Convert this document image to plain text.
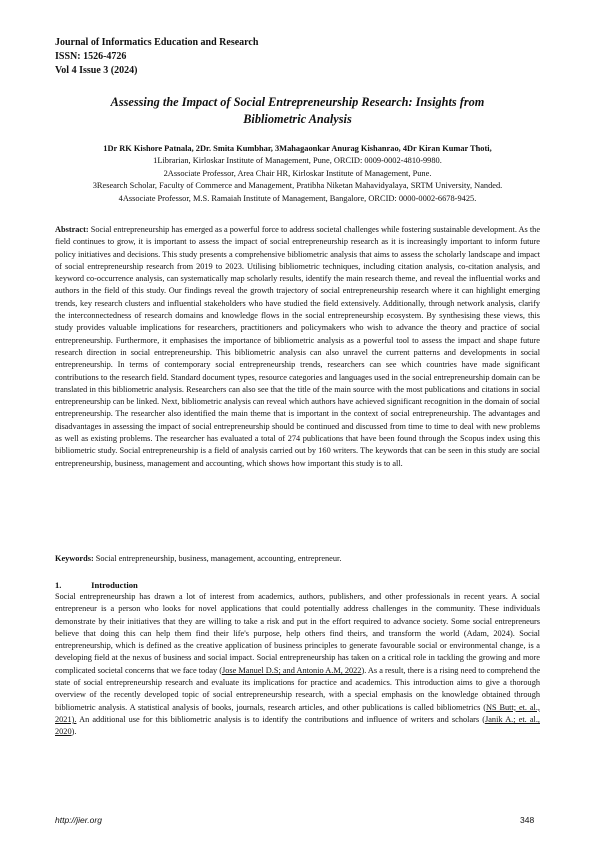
Journal of Informatics Education and Research
ISSN: 1526-4726
Vol 4 Issue 3 (2024)
Assessing the Impact of Social Entrepreneurship Research: Insights from
Bibliometric Analysis
1Dr RK Kishore Patnala, 2Dr. Smita Kumbhar, 3Mahagaonkar Anurag Kishanrao, 4Dr Kiran Kumar Thoti,
1Librarian, Kirloskar Institute of Management, Pune, ORCID: 0009-0002-4810-9980.
2Associate Professor, Area Chair HR, Kirloskar Institute of Management, Pune.
3Research Scholar, Faculty of Commerce and Management, Pratibha Niketan Mahavidyalaya, SRTM University, Nanded.
4Associate Professor, M.S. Ramaiah Institute of Management, Bangalore, ORCID: 0000-0002-6678-9425.
Abstract: Social entrepreneurship has emerged as a powerful force to address societal challenges while fostering sustainable development. As the field continues to grow, it is important to assess the impact of social entrepreneurship research as it is increasingly important to inform future policy initiatives and decisions. This study presents a comprehensive bibliometric analysis that aims to assess the scholarly landscape and impact of social entrepreneurship research from 2019 to 2023. Utilising bibliometric techniques, including citation analysis, co-citation analysis, and keyword co-occurrence analysis, can systematically map scholarly results, identify the main research theme, and reveal the influential works and authors in the field of this study. Our findings reveal the growth trajectory of social entrepreneurship research where it can highlight emerging trends, key research clusters and influential stakeholders who have studied the field extensively. Additionally, through network analysis, clarify the interconnectedness of research domains and knowledge flows in the social entrepreneurship ecosystem. By synthesising these views, this study provides valuable implications for researchers, practitioners and policymakers who wish to advance the theory and practice of social entrepreneurship. Furthermore, it emphasises the importance of bibliometric analysis as a powerful tool to assess the impact and shape future research direction in social entrepreneurship. This bibliometric analysis can also unravel the current patterns and developments in social entrepreneurship. In terms of contemporary social entrepreneurship trends, researchers can see which countries have made significant contributions to the research field. Standard document types, resource categories and languages used in the social entrepreneurship domain can be translated in this bibliometric analysis. Researchers can also see that the title of the main source with the most publications and citations in social entrepreneurship can be linked. Next, bibliometric analysis can reveal which authors have achieved significant recognition in the domain of social entrepreneurship. The researcher also identified the main theme that is important in the context of social entrepreneurship. The advantages and disadvantages in assessing the impact of social entrepreneurship should be continued and discussed from time to time to deal with new problems as well as existing problems. The researcher has evaluated a total of 274 publications that have been found through the Scopus index using this bibliometric study. Social entrepreneurship is a field of analysis carried out by 160 writers. The keywords that can be seen in this study are social entrepreneurship, business, management and accounting, which shows how important this study is to all.
Keywords: Social entrepreneurship, business, management, accounting, entrepreneur.
1.	Introduction
Social entrepreneurship has drawn a lot of interest from academics, authors, publishers, and other professionals in recent years. A social entrepreneur is a person who looks for novel applications that could potentially address challenges in the community. These individuals demonstrate by their initiatives that they are willing to take a risk and put in the effort required to advance society. Some social entrepreneurs believe that doing this can help them find their life's purpose, help others find theirs, and transform the world (Adam, 2024). Social entrepreneurship, which is defined as the creative application of business principles to generate favourable social or environmental change, is a developing field at the nexus of business and social impact. Social entrepreneurship has taken on a critical role in tackling the growing and more complicated societal concerns that we face today (Jose Manuel D.S; and Antonio A.M, 2022). As a result, there is a rising need to comprehend the state of social entrepreneurship research and evaluate its implications for practice and academics. This introduction aims to give a thorough overview of the recently developed topic of social entrepreneurship research, with a special emphasis on the knowledge obtained through bibliometric analysis. A statistical analysis of books, journals, research articles, and other publications is called bibliometrics (NS Butt; et. al., 2021). An additional use for this bibliometric analysis is to identify the contributions and influence of writers and scholars (Janik A.; et. al., 2020).
http://jier.org	348
